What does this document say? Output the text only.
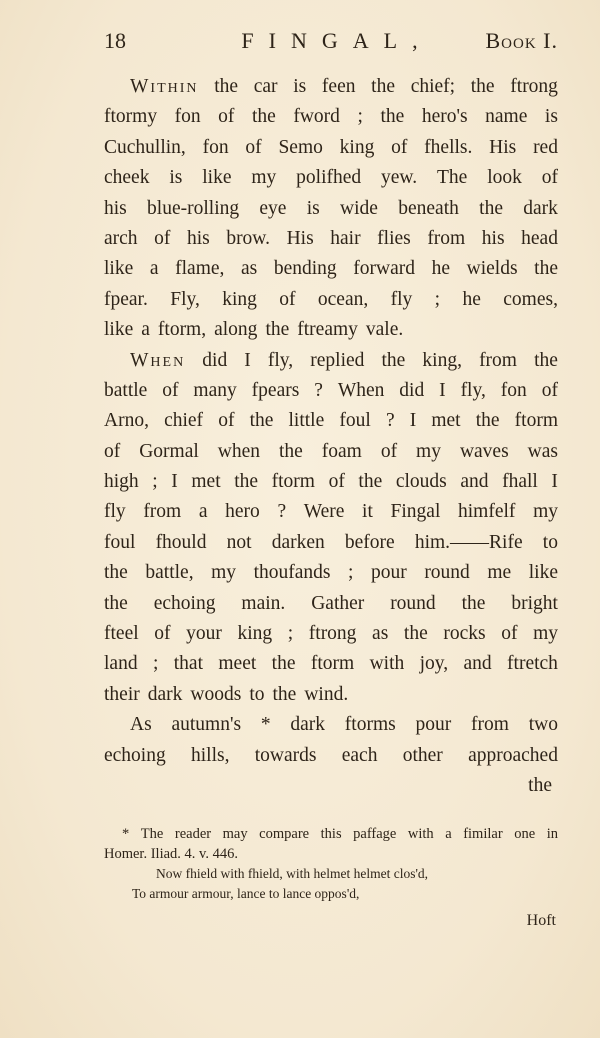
18	FINGAL,	Book I.
Within the car is feen the chief; the ftrong
ftormy fon of the fword ; the hero's name is
Cuchullin, fon of Semo king of fhells. His red
cheek is like my polifhed yew. The look of
his blue-rolling eye is wide beneath the dark
arch of his brow. His hair flies from his head
like a flame, as bending forward he wields the
fpear. Fly, king of ocean, fly ; he comes,
like a ftorm, along the ftreamy vale.
When did I fly, replied the king, from the
battle of many fpears ? When did I fly, fon of
Arno, chief of the little foul ? I met the ftorm
of Gormal when the foam of my waves was
high ; I met the ftorm of the clouds and fhall I
fly from a hero ? Were it Fingal himfelf my
foul fhould not darken before him.——Rife to
the battle, my thoufands ; pour round me like
the echoing main. Gather round the bright
fteel of your king ; ftrong as the rocks of my
land ; that meet the ftorm with joy, and ftretch
their dark woods to the wind.
As autumn's * dark ftorms pour from two
echoing hills, towards each other approached
the
* The reader may compare this paffage with a fimilar one in
Homer. Iliad. 4. v. 446.
Now fhield with fhield, with helmet helmet clos'd,
To armour armour, lance to lance oppos'd,
Hoft
